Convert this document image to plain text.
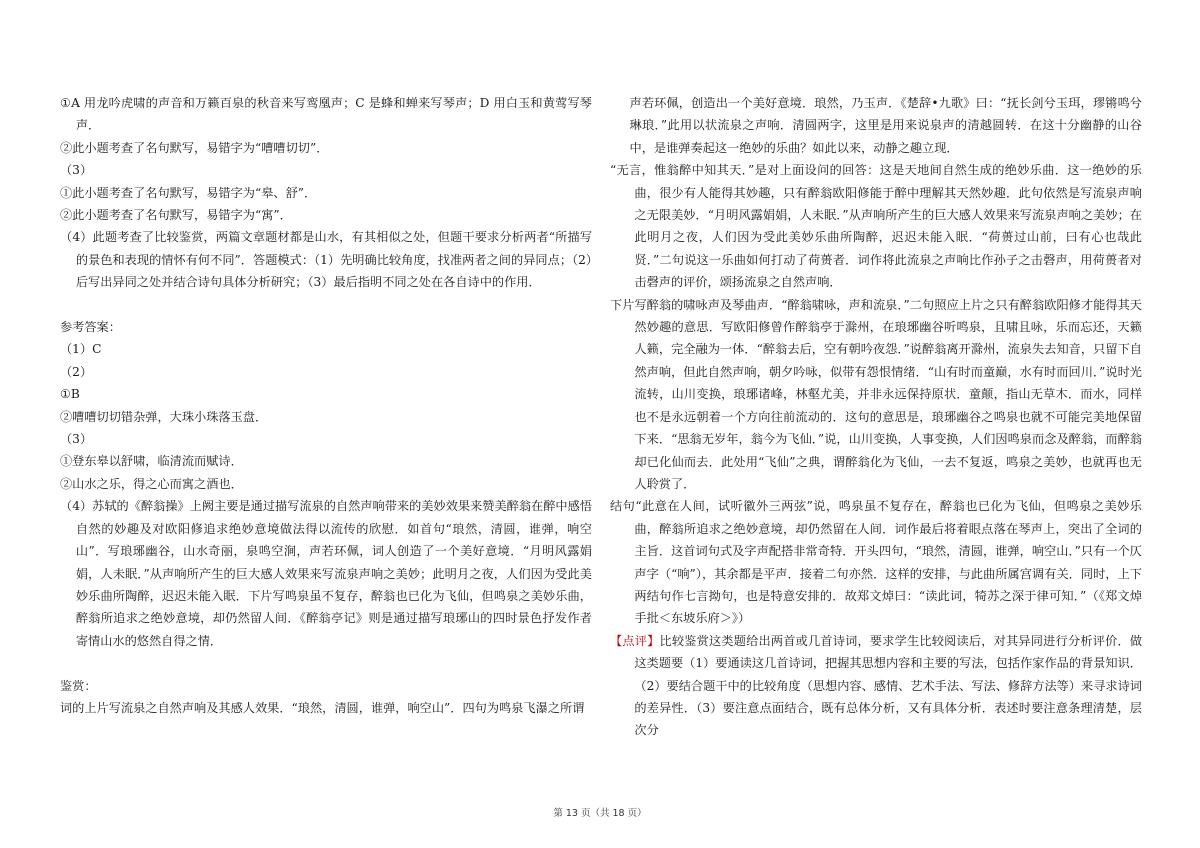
①A 用龙吟虎啸的声音和万籁百泉的秋音来写鸾凰声；C 是蜂和蝉来写琴声；D 用白玉和黄莺写琴声．

②此小题考查了名句默写，易错字为“嘈嘈切切”．

（3）

①此小题考查了名句默写，易错字为“皋、舒”．

②此小题考查了名句默写，易错字为“寓”．

（4）此题考查了比较鉴赏，两篇文章题材都是山水，有其相似之处，但题干要求分析两者“所描写的景色和表现的情怀有何不同”．答题模式：（1）先明确比较角度，找准两者之间的异同点；（2）后写出异同之处并结合诗句具体分析研究；（3）最后指明不同之处在各自诗中的作用．

参考答案：

（1）C

（2）

①B

②嘈嘈切切错杂弹，大珠小珠落玉盘．

（3）

①登东皋以舒啸，临清流而赋诗．

②山水之乐，得之心而寓之酒也．

（4）苏轼的《醉翁操》上阙主要是通过描写流泉的自然声响带来的美妙效果来赞美醉翁在醉中感悟自然的妙趣及对欧阳修追求绝妙意境做法得以流传的欣慰．如首句“琅然，清圆，谁弹，响空山”．写琅琊幽谷，山水奇丽，泉鸣空涧，声若环佩，词人创造了一个美好意境．“月明风露娟娟，人未眠．”从声响所产生的巨大感人效果来写流泉声响之美妙；此明月之夜，人们因为受此美妙乐曲所陶醉，迟迟未能入眠．下片写鸣泉虽不复存，醉翁也已化为飞仙，但鸣泉之美妙乐曲，醉翁所追求之绝妙意境，却仍然留人间．《醉翁亭记》则是通过描写琅琊山的四时景色抒发作者寄情山水的悠然自得之情．

鉴赏：

词的上片写流泉之自然声响及其感人效果．“琅然，清圆，谁弹，响空山”．四句为鸣泉飞瀑之所谓

声若环佩，创造出一个美好意境．琅然，乃玉声．《楚辞•九歌》曰：“抚长剑兮玉珥，璆锵鸣兮琳琅．”此用以状流泉之声响．清圆两字，这里是用来说泉声的清越圆转．在这十分幽静的山谷中，是谁弹奏起这一绝妙的乐曲？如此以来，动静之趣立现．

“无言，惟翁醉中知其天．”是对上面设问的回答：这是天地间自然生成的绝妙乐曲．这一绝妙的乐曲，很少有人能得其妙趣，只有醉翁欧阳修能于醉中理解其天然妙趣．此句依然是写流泉声响之无限美妙．“月明风露娟娟，人未眠．”从声响所产生的巨大感人效果来写流泉声响之美妙；在此明月之夜，人们因为受此美妙乐曲所陶醉，迟迟未能入眠．“荷蒉过山前，曰有心也哉此贤．”二句说这一乐曲如何打动了荷蒉者．词作将此流泉之声响比作孙子之击磬声，用荷蒉者对击磬声的评价，颂扬流泉之自然声响．

下片写醉翁的啸咏声及琴曲声．“醉翁啸咏，声和流泉．”二句照应上片之只有醉翁欧阳修才能得其天然妙趣的意思．写欧阳修曾作醉翁亭于滁州，在琅琊幽谷听鸣泉，且啸且咏，乐而忘还，天籁人籁，完全融为一体．“醉翁去后，空有朝吟夜怨．”说醉翁离开滁州，流泉失去知音，只留下自然声响，但此自然声响，朝夕吟咏，似带有怨恨情绪．“山有时而童巅，水有时而回川．”说时光流转，山川变换，琅琊诸峰，林壑尤美，并非永远保持原状．童颠，指山无草木．而水，同样也不是永远朝着一个方向往前流动的．这句的意思是，琅琊幽谷之鸣泉也就不可能完美地保留下来．“思翁无岁年，翁今为飞仙．”说，山川变换，人事变换，人们因鸣泉而念及醉翁，而醉翁却已化仙而去．此处用“飞仙”之典，谓醉翁化为飞仙，一去不复返，鸣泉之美妙，也就再也无人聆赏了．

结句“此意在人间，试听徽外三两弦”说，鸣泉虽不复存在，醉翁也已化为飞仙，但鸣泉之美妙乐曲，醉翁所追求之绝妙意境，却仍然留在人间．词作最后将着眼点落在琴声上，突出了全词的主旨．这首词句式及字声配搭非常奇特．开头四句，“琅然，清圆，谁弹，响空山．”只有一个仄声字（“响”），其余都是平声．接着二句亦然．这样的安排，与此曲所属宫调有关．同时，上下两结句作七言拗句，也是特意安排的．故郑文焯曰：“读此词，犄苏之深于律可知．”（《郑文焯手批＜东坡乐府＞》）

【点评】比较鉴赏这类题给出两首或几首诗词，要求学生比较阅读后，对其异同进行分析评价．做这类题要（1）要通读这几首诗词，把握其思想内容和主要的写法，包括作家作品的背景知识．（2）要结合题干中的比较角度（思想内容、感情、艺术手法、写法、修辞方法等）来寻求诗词的差异性．（3）要注意点面结合，既有总体分析，又有具体分析．表述时要注意条理清楚，层次分

第 13 页（共 18 页）
